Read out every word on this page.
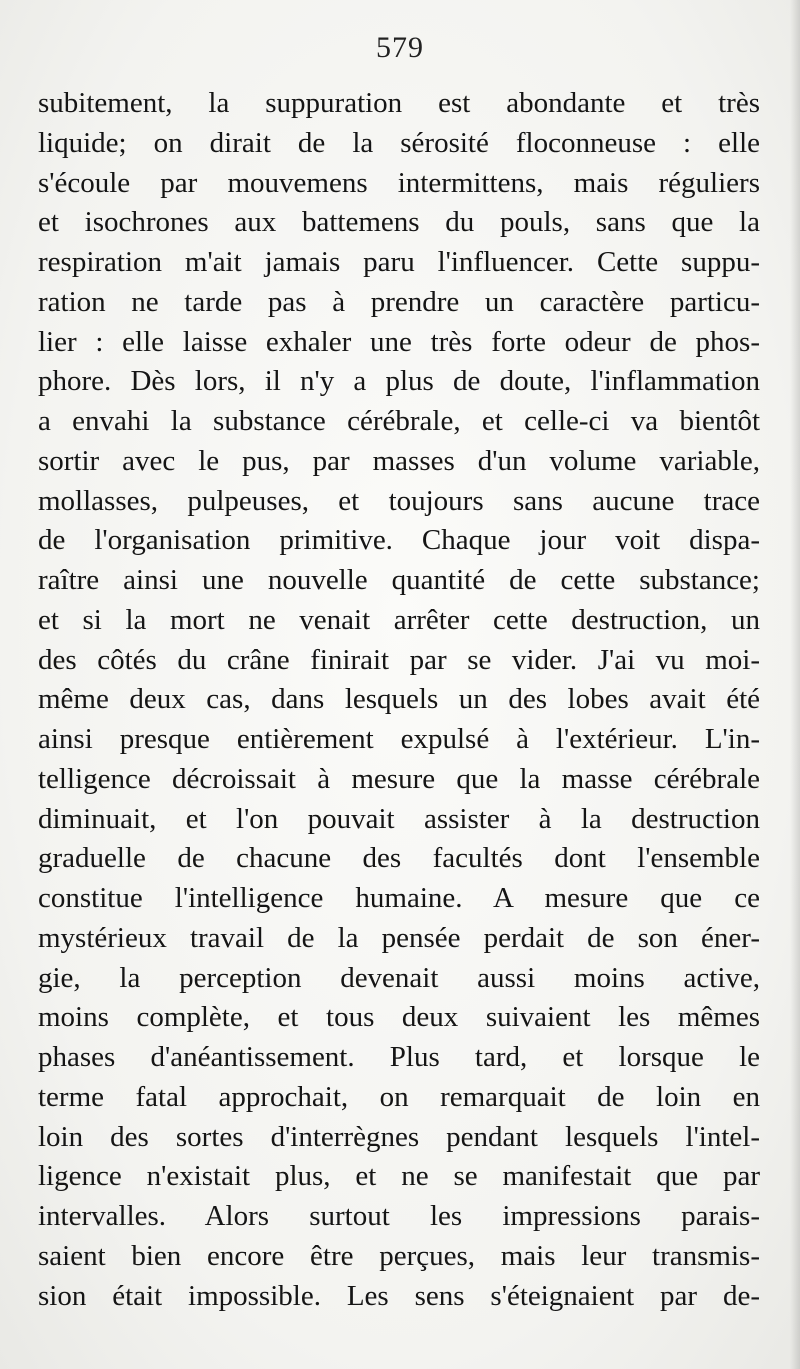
579
subitement, la suppuration est abondante et très
liquide; on dirait de la sérosité floconneuse : elle
s'écoule par mouvemens intermittens, mais réguliers
et isochrones aux battemens du pouls, sans que la
respiration m'ait jamais paru l'influencer. Cette suppu-
ration ne tarde pas à prendre un caractère particu-
lier : elle laisse exhaler une très forte odeur de phos-
phore. Dès lors, il n'y a plus de doute, l'inflammation
a envahi la substance cérébrale, et celle-ci va bientôt
sortir avec le pus, par masses d'un volume variable,
mollasses, pulpeuses, et toujours sans aucune trace
de l'organisation primitive. Chaque jour voit dispa-
raître ainsi une nouvelle quantité de cette substance;
et si la mort ne venait arrêter cette destruction, un
des côtés du crâne finirait par se vider. J'ai vu moi-
même deux cas, dans lesquels un des lobes avait été
ainsi presque entièrement expulsé à l'extérieur. L'in-
telligence décroissait à mesure que la masse cérébrale
diminuait, et l'on pouvait assister à la destruction
graduelle de chacune des facultés dont l'ensemble
constitue l'intelligence humaine. A mesure que ce
mystérieux travail de la pensée perdait de son éner-
gie, la perception devenait aussi moins active,
moins complète, et tous deux suivaient les mêmes
phases d'anéantissement. Plus tard, et lorsque le
terme fatal approchait, on remarquait de loin en
loin des sortes d'interrègnes pendant lesquels l'intel-
ligence n'existait plus, et ne se manifestait que par
intervalles. Alors surtout les impressions parais-
saient bien encore être perçues, mais leur transmis-
sion était impossible. Les sens s'éteignaient par de-
